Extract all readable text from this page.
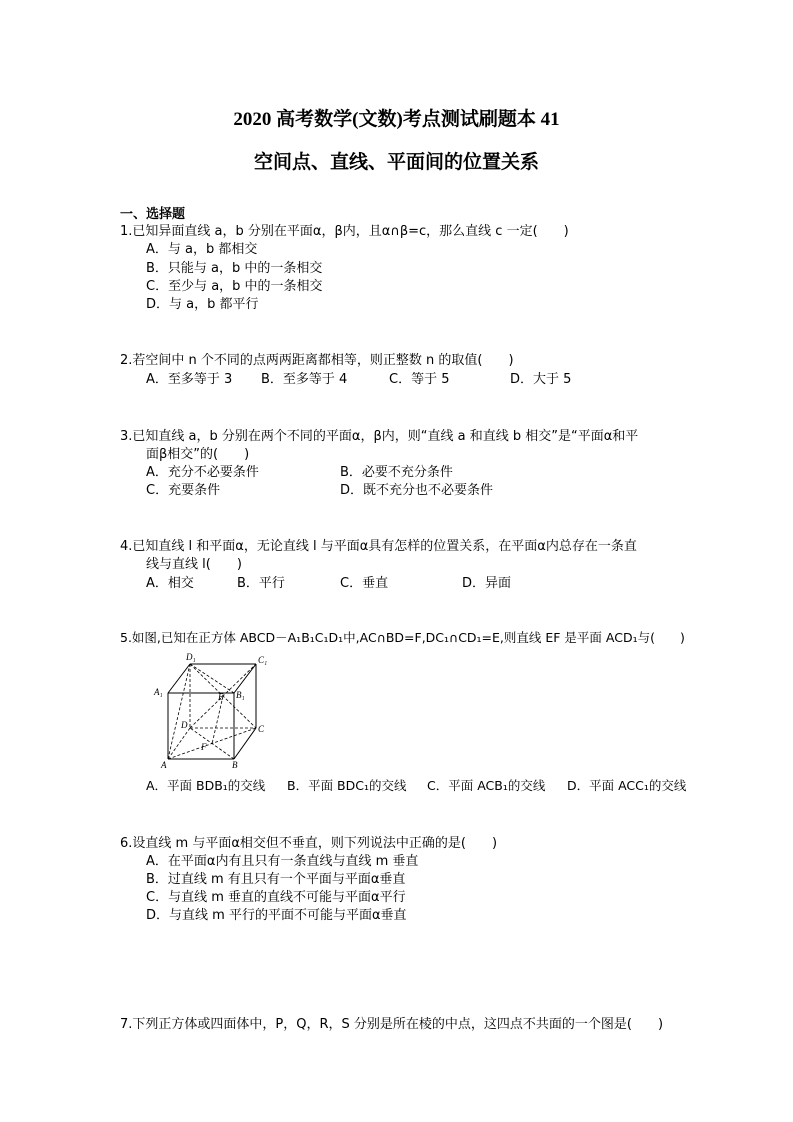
2020 高考数学(文数)考点测试刷题本 41
空间点、直线、平面间的位置关系
一、选择题
1.已知异面直线 a，b 分别在平面α，β内，且α∩β=c，那么直线 c 一定(　　)
A．与 a，b 都相交
B．只能与 a，b 中的一条相交
C．至少与 a，b 中的一条相交
D．与 a，b 都平行
2.若空间中 n 个不同的点两两距离都相等，则正整数 n 的取值(　　)
A．至多等于 3 B．至多等于 4	C．等于 5	D．大于 5
3.已知直线 a，b 分别在两个不同的平面α，β内，则“直线 a 和直线 b 相交”是“平面α和平
面β相交”的(　　)
A．充分不必要条件	B．必要不充分条件
C．充要条件	D．既不充分也不必要条件
4.已知直线 l 和平面α，无论直线 l 与平面α具有怎样的位置关系，在平面α内总存在一条直
线与直线 l(　　)
A．相交	B．平行	C．垂直	D．异面
5.如图,已知在正方体 ABCD－A₁B₁C₁D₁中,AC∩BD=F,DC₁∩CD₁=E,则直线 EF 是平面 ACD₁与(　　)
D₁	C₁
A₁	B₁
E
D	C
F
A	B
A．平面 BDB₁的交线 B．平面 BDC₁的交线 C．平面 ACB₁的交线 D．平面 ACC₁的交线
6.设直线 m 与平面α相交但不垂直，则下列说法中正确的是(　　)
A．在平面α内有且只有一条直线与直线 m 垂直
B．过直线 m 有且只有一个平面与平面α垂直
C．与直线 m 垂直的直线不可能与平面α平行
D．与直线 m 平行的平面不可能与平面α垂直
7.下列正方体或四面体中，P，Q，R，S 分别是所在棱的中点，这四点不共面的一个图是(　　)
